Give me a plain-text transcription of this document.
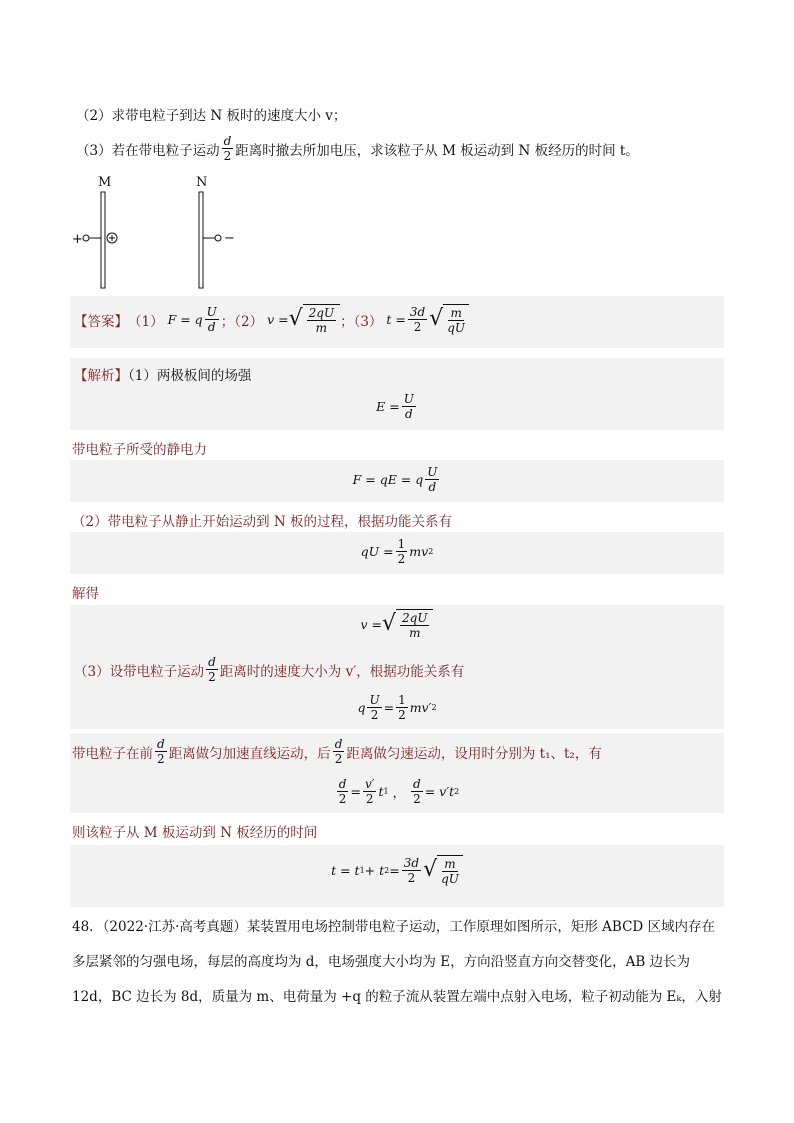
（2）求带电粒子到达 N 板时的速度大小 v；
（3）若在带电粒子运动 $\frac{d}{2}$ 距离时撤去所加电压，求该粒子从 M 板运动到 N 板经历的时间 t。
M	N
+	−
【答案】 （1） F = q $\frac{U}{d}$ ；（2） v = √ $\frac{2qU}{m}$ ；（3） $t = \frac{3d}{2}$ √ $\frac{m}{qU}$
【解析】（1）两极板间的场强
$E = \frac{U}{d}$
带电粒子所受的静电力
F = qE = q $\frac{U}{d}$
（2）带电粒子从静止开始运动到 N 板的过程，根据功能关系有
qU = $\frac{1}{2}$ mv 2
解得
v = √ $\frac{2qU}{m}$
（3）设带电粒子运动 $\frac{d}{2}$ 距离时的速度大小为 v′，根据功能关系有
q $\frac{U}{2} = \frac{1}{2} mv'$ 2
带电粒子在前 $\frac{d}{2}$ 距离做匀加速直线运动，后 $\frac{d}{2}$ 距离做匀速运动，设用时分别为 t₁、t₂，有
$\frac{d}{2} = \frac{v'}{2}$ t 1 ， $\frac{d}{2} = v't$ 2
则该粒子从 M 板运动到 N 板经历的时间
t = t 1 + t $2 = \frac{3d}{2}$ √ $\frac{m}{qU}$
48．（2022·江苏·高考真题）某装置用电场控制带电粒子运动，工作原理如图所示，矩形 ABCD 区域内存在
多层紧邻的匀强电场，每层的高度均为 d，电场强度大小均为 E，方向沿竖直方向交替变化，AB 边长为
12d，BC 边长为 8d，质量为 m、电荷量为 +q 的粒子流从装置左端中点射入电场，粒子初动能为 Eₖ，入射
